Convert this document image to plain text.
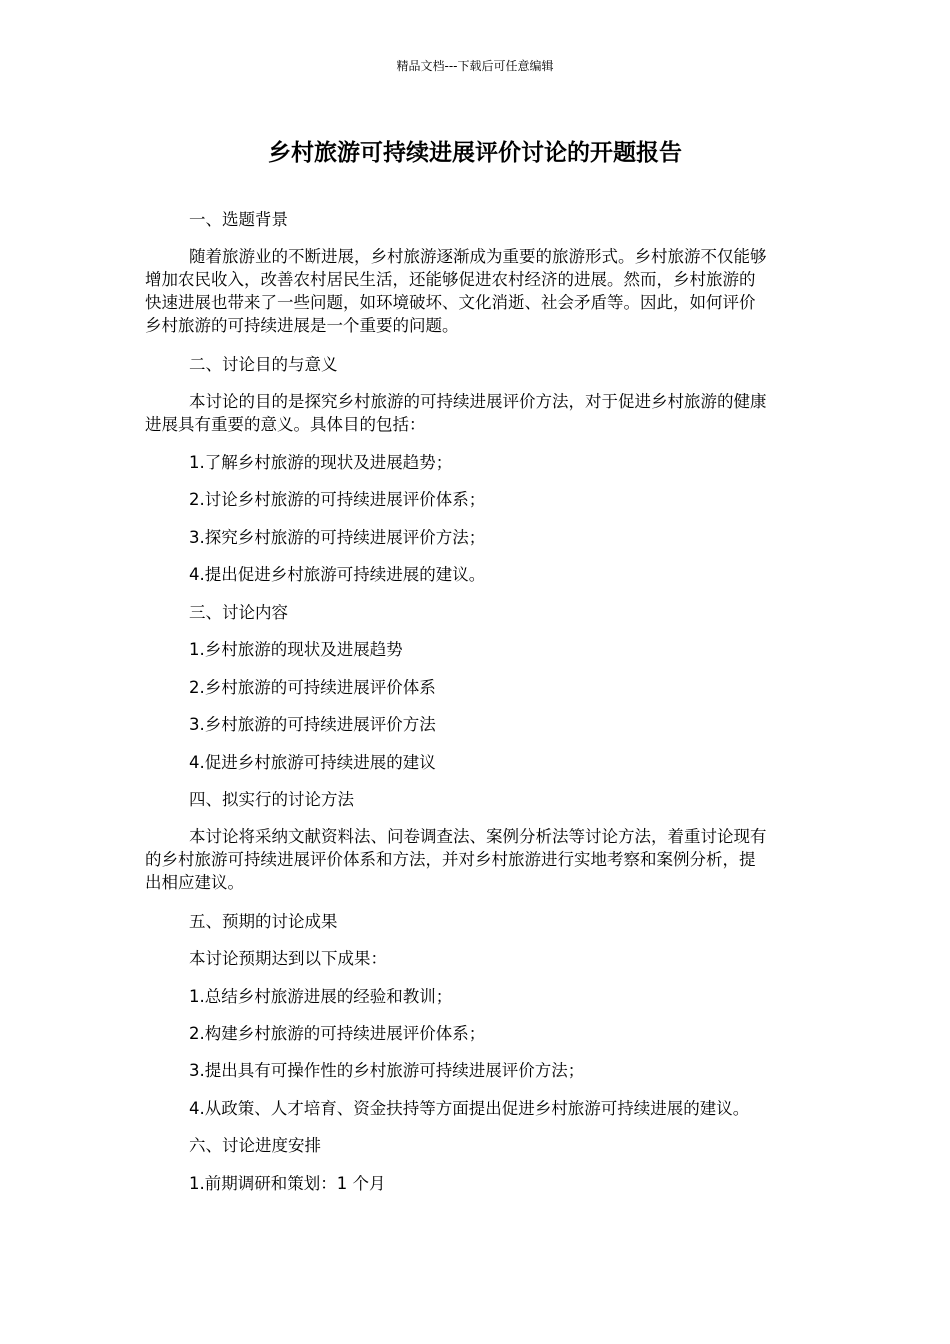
精品文档---下载后可任意编辑
乡村旅游可持续进展评价讨论的开题报告
一、选题背景
随着旅游业的不断进展，乡村旅游逐渐成为重要的旅游形式。乡村旅游不仅能够
增加农民收入，改善农村居民生活，还能够促进农村经济的进展。然而，乡村旅游的
快速进展也带来了一些问题，如环境破坏、文化消逝、社会矛盾等。因此，如何评价
乡村旅游的可持续进展是一个重要的问题。
二、讨论目的与意义
本讨论的目的是探究乡村旅游的可持续进展评价方法，对于促进乡村旅游的健康
进展具有重要的意义。具体目的包括：
1.了解乡村旅游的现状及进展趋势；
2.讨论乡村旅游的可持续进展评价体系；
3.探究乡村旅游的可持续进展评价方法；
4.提出促进乡村旅游可持续进展的建议。
三、讨论内容
1.乡村旅游的现状及进展趋势
2.乡村旅游的可持续进展评价体系
3.乡村旅游的可持续进展评价方法
4.促进乡村旅游可持续进展的建议
四、拟实行的讨论方法
本讨论将采纳文献资料法、问卷调查法、案例分析法等讨论方法，着重讨论现有
的乡村旅游可持续进展评价体系和方法，并对乡村旅游进行实地考察和案例分析，提
出相应建议。
五、预期的讨论成果
本讨论预期达到以下成果：
1.总结乡村旅游进展的经验和教训；
2.构建乡村旅游的可持续进展评价体系；
3.提出具有可操作性的乡村旅游可持续进展评价方法；
4.从政策、人才培育、资金扶持等方面提出促进乡村旅游可持续进展的建议。
六、讨论进度安排
1.前期调研和策划：1 个月
